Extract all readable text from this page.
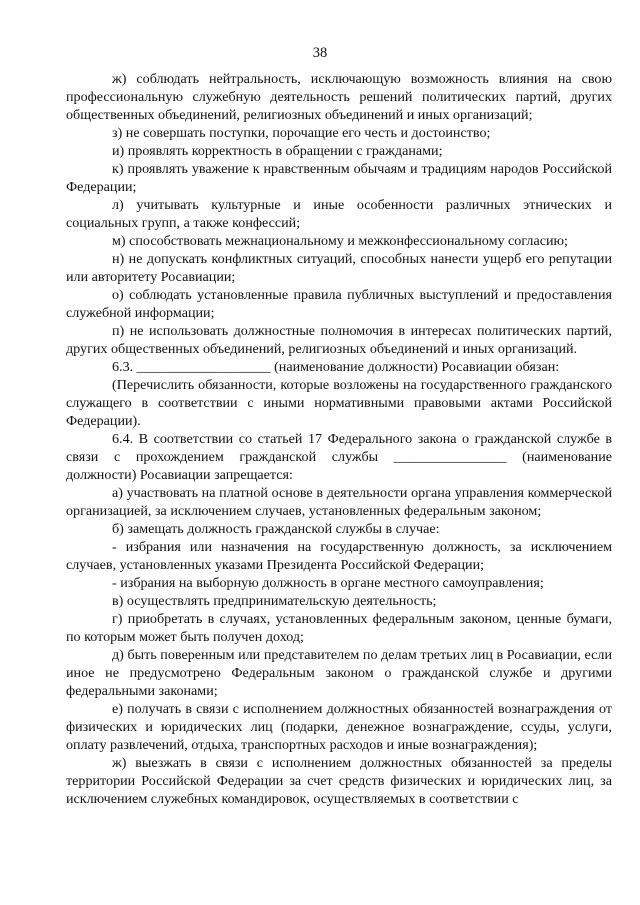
38

ж) соблюдать нейтральность, исключающую возможность влияния на свою профессиональную служебную деятельность решений политических партий, других общественных объединений, религиозных объединений и иных организаций;

з) не совершать поступки, порочащие его честь и достоинство;

и) проявлять корректность в обращении с гражданами;

к) проявлять уважение к нравственным обычаям и традициям народов Российской Федерации;

л) учитывать культурные и иные особенности различных этнических и социальных групп, а также конфессий;

м) способствовать межнациональному и межконфессиональному согласию;

н) не допускать конфликтных ситуаций, способных нанести ущерб его репутации или авторитету Росавиации;

о) соблюдать установленные правила публичных выступлений и предоставления служебной информации;

п) не использовать должностные полномочия в интересах политических партий, других общественных объединений, религиозных объединений и иных организаций.

6.3. ___________________ (наименование должности) Росавиации обязан:

(Перечислить обязанности, которые возложены на государственного гражданского служащего в соответствии с иными нормативными правовыми актами Российской Федерации).

6.4. В соответствии со статьей 17 Федерального закона о гражданской службе в связи с прохождением гражданской службы ________________ (наименование должности) Росавиации запрещается:

а) участвовать на платной основе в деятельности органа управления коммерческой организацией, за исключением случаев, установленных федеральным законом;

б) замещать должность гражданской службы в случае:

- избрания или назначения на государственную должность, за исключением случаев, установленных указами Президента Российской Федерации;

- избрания на выборную должность в органе местного самоуправления;

в) осуществлять предпринимательскую деятельность;

г) приобретать в случаях, установленных федеральным законом, ценные бумаги, по которым может быть получен доход;

д) быть поверенным или представителем по делам третьих лиц в Росавиации, если иное не предусмотрено Федеральным законом о гражданской службе и другими федеральными законами;

е) получать в связи с исполнением должностных обязанностей вознаграждения от физических и юридических лиц (подарки, денежное вознаграждение, ссуды, услуги, оплату развлечений, отдыха, транспортных расходов и иные вознаграждения);

ж) выезжать в связи с исполнением должностных обязанностей за пределы территории Российской Федерации за счет средств физических и юридических лиц, за исключением служебных командировок, осуществляемых в соответствии с
